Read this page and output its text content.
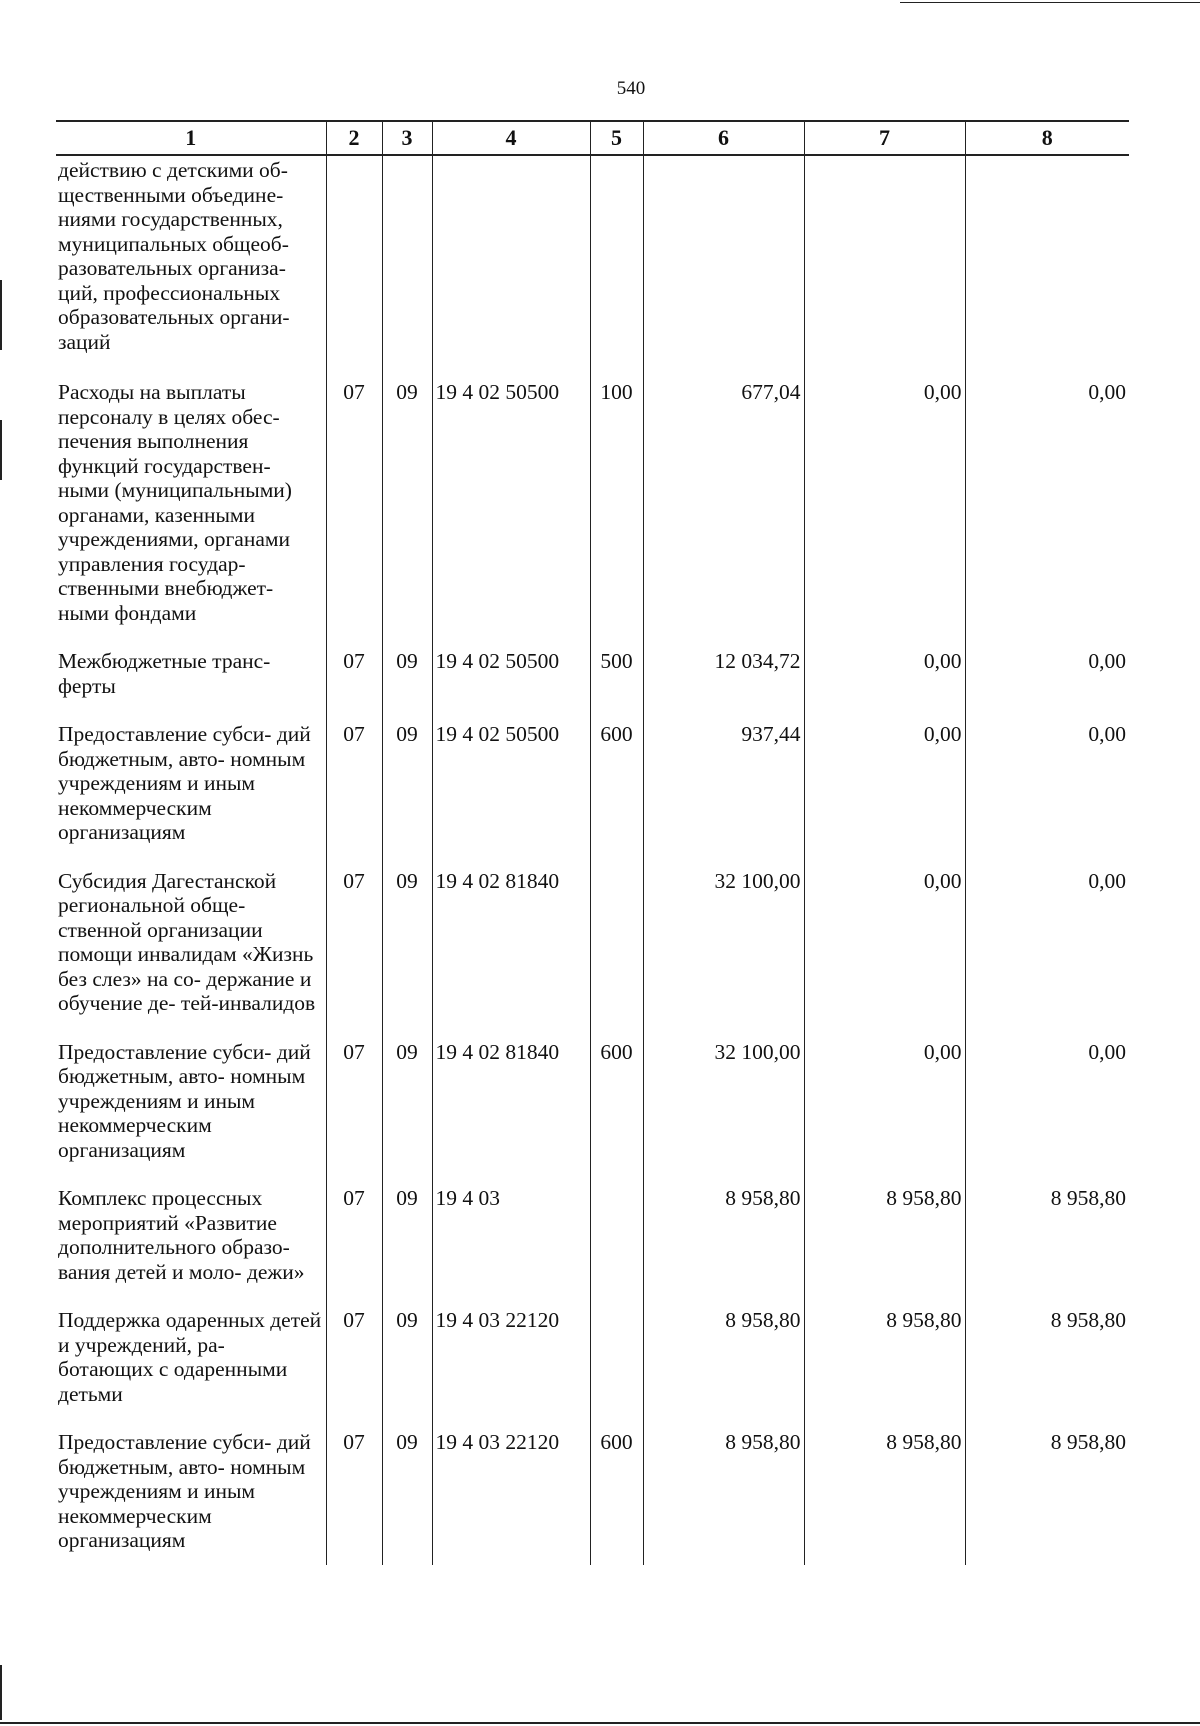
540
1	2	3	4	5	6	7	8
действию с детскими об- щественными объедине- ниями государственных, муниципальных общеоб- разовательных организа- ций, профессиональных образовательных органи- заций							
Расходы на выплаты персоналу в целях обес- печения выполнения функций государствен- ными (муниципальными) органами, казенными учреждениями, органами управления государ- ственными внебюджет- ными фондами	07	09	19 4 02 50500	100	677,04	0,00	0,00
Межбюджетные транс- ферты	07	09	19 4 02 50500	500	12 034,72	0,00	0,00
Предоставление субси- дий бюджетным, авто- номным учреждениям и иным некоммерческим организациям	07	09	19 4 02 50500	600	937,44	0,00	0,00
Субсидия Дагестанской региональной обще- ственной организации помощи инвалидам «Жизнь без слез» на со- держание и обучение де- тей-инвалидов	07	09	19 4 02 81840		32 100,00	0,00	0,00
Предоставление субси- дий бюджетным, авто- номным учреждениям и иным некоммерческим организациям	07	09	19 4 02 81840	600	32 100,00	0,00	0,00
Комплекс процессных мероприятий «Развитие дополнительного образо- вания детей и моло- дежи»	07	09	19 4 03		8 958,80	8 958,80	8 958,80
Поддержка одаренных детей и учреждений, ра- ботающих с одаренными детьми	07	09	19 4 03 22120		8 958,80	8 958,80	8 958,80
Предоставление субси- дий бюджетным, авто- номным учреждениям и иным некоммерческим организациям	07	09	19 4 03 22120	600	8 958,80	8 958,80	8 958,80
